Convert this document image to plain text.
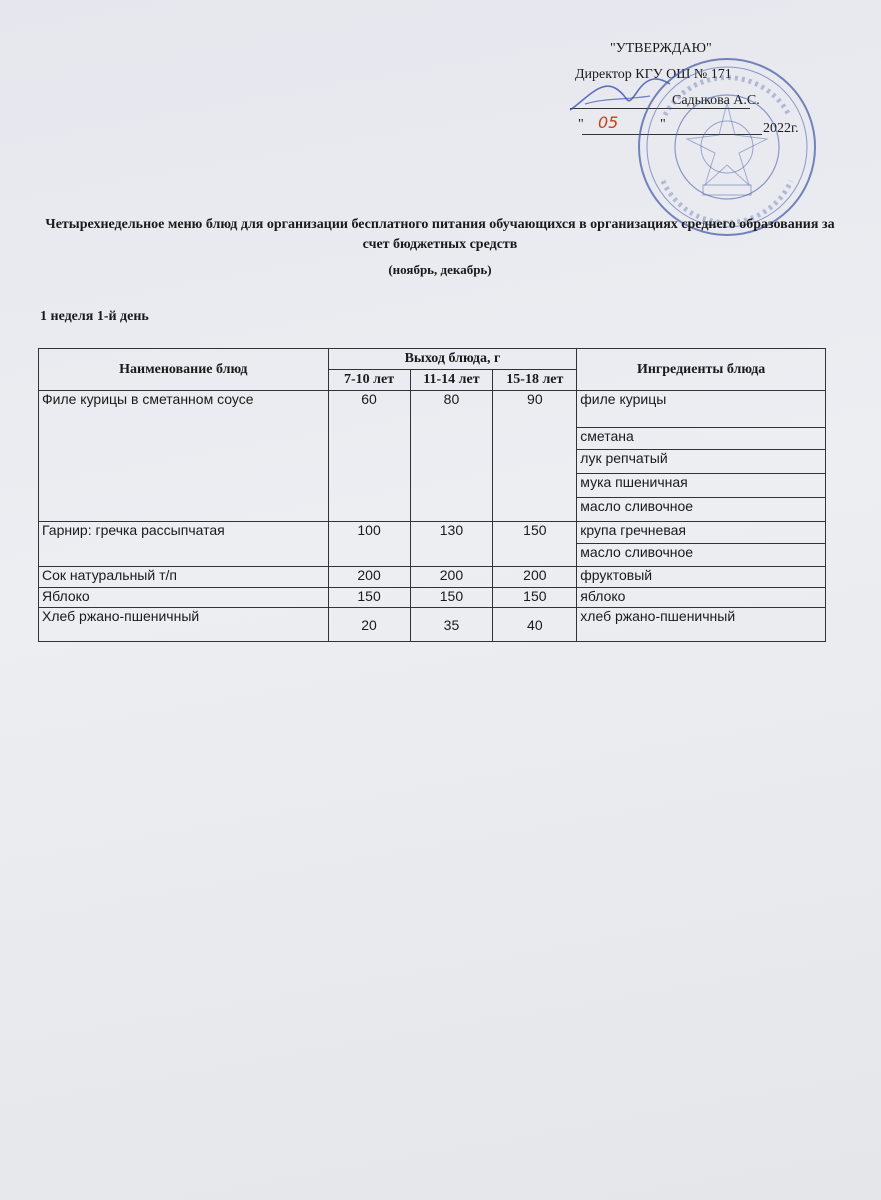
"УТВЕРЖДАЮ"
Директор КГУ ОШ № 171
Садыкова А.С.
" 05	"	2022г.
Четырехнедельное меню блюд для организации бесплатного питания обучающихся в организациях среднего образования за счет бюджетных средств
(ноябрь, декабрь)
1 неделя 1-й день
Наименование блюд	Выход блюда, г			Ингредиенты блюда
	7-10 лет	11-14 лет	15-18 лет	
Филе курицы в сметанном соусе	60	80	90	филе курицы
				сметана
				лук репчатый
				мука пшеничная
				масло сливочное
Гарнир: гречка рассыпчатая	100	130	150	крупа гречневая
				масло сливочное
Сок натуральный т/п	200	200	200	фруктовый
Яблоко	150	150	150	яблоко
Хлеб ржано-пшеничный	20	35	40	хлеб ржано-пшеничный
